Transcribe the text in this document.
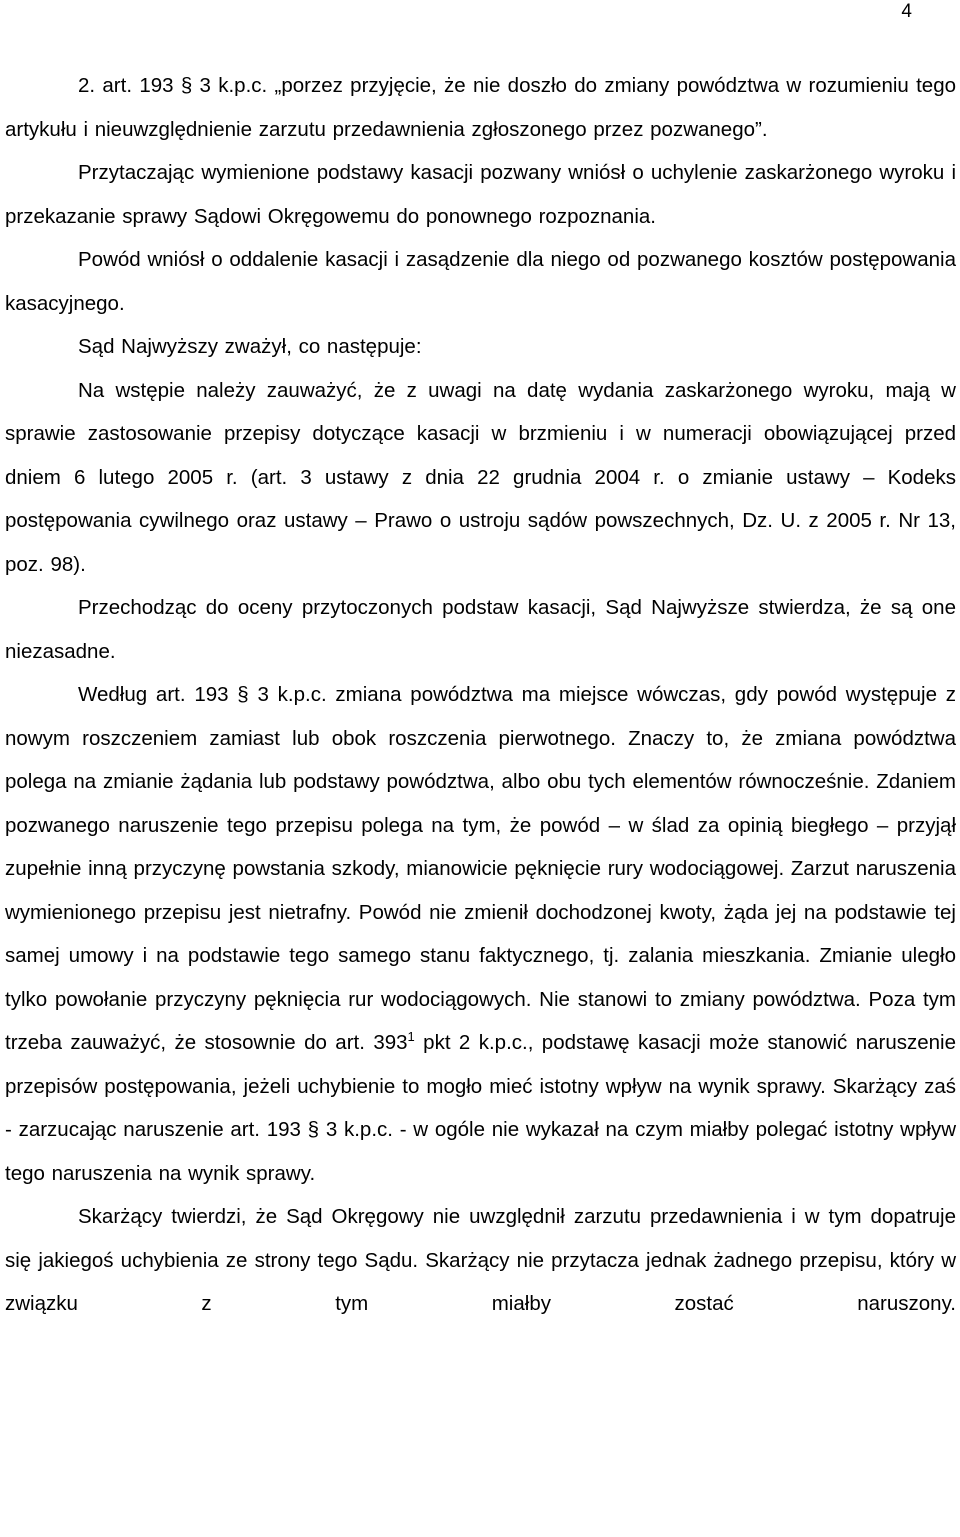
4

2. art. 193 § 3 k.p.c. „porzez przyjęcie, że nie doszło do zmiany powództwa w rozumieniu tego artykułu i nieuwzględnienie zarzutu przedawnienia zgłoszonego przez pozwanego”.

Przytaczając wymienione podstawy kasacji pozwany wniósł o uchylenie zaskarżonego wyroku i przekazanie sprawy Sądowi Okręgowemu do ponownego rozpoznania.

Powód wniósł o oddalenie kasacji i zasądzenie dla niego od pozwanego kosztów postępowania kasacyjnego.

Sąd Najwyższy zważył, co następuje:

Na wstępie należy zauważyć, że z uwagi na datę wydania zaskarżonego wyroku, mają w sprawie zastosowanie przepisy dotyczące kasacji w brzmieniu i w numeracji obowiązującej przed dniem 6 lutego 2005 r. (art. 3 ustawy z dnia 22 grudnia 2004 r. o zmianie ustawy – Kodeks postępowania cywilnego oraz ustawy – Prawo o ustroju sądów powszechnych, Dz. U. z 2005 r. Nr 13, poz. 98).

Przechodząc do oceny przytoczonych podstaw kasacji, Sąd Najwyższe stwierdza, że są one niezasadne.

Według art. 193 § 3 k.p.c. zmiana powództwa ma miejsce wówczas, gdy powód występuje z nowym roszczeniem zamiast lub obok roszczenia pierwotnego. Znaczy to, że zmiana powództwa polega na zmianie żądania lub podstawy powództwa, albo obu tych elementów równocześnie. Zdaniem pozwanego naruszenie tego przepisu polega na tym, że powód – w ślad za opinią biegłego – przyjął zupełnie inną przyczynę powstania szkody, mianowicie pęknięcie rury wodociągowej. Zarzut naruszenia wymienionego przepisu jest nietrafny. Powód nie zmienił dochodzonej kwoty, żąda jej na podstawie tej samej umowy i na podstawie tego samego stanu faktycznego, tj. zalania mieszkania. Zmianie uległo tylko powołanie przyczyny pęknięcia rur wodociągowych. Nie stanowi to zmiany powództwa. Poza tym trzeba zauważyć, że stosownie do art. $393^1$ pkt 2 k.p.c., podstawę kasacji może stanowić naruszenie przepisów postępowania, jeżeli uchybienie to mogło mieć istotny wpływ na wynik sprawy. Skarżący zaś - zarzucając naruszenie art. 193 § 3 k.p.c. - w ogóle nie wykazał na czym miałby polegać istotny wpływ tego naruszenia na wynik sprawy.

Skarżący twierdzi, że Sąd Okręgowy nie uwzględnił zarzutu przedawnienia i w tym dopatruje się jakiegoś uchybienia ze strony tego Sądu. Skarżący nie przytacza jednak żadnego przepisu, który w związku z tym miałby zostać naruszony.
